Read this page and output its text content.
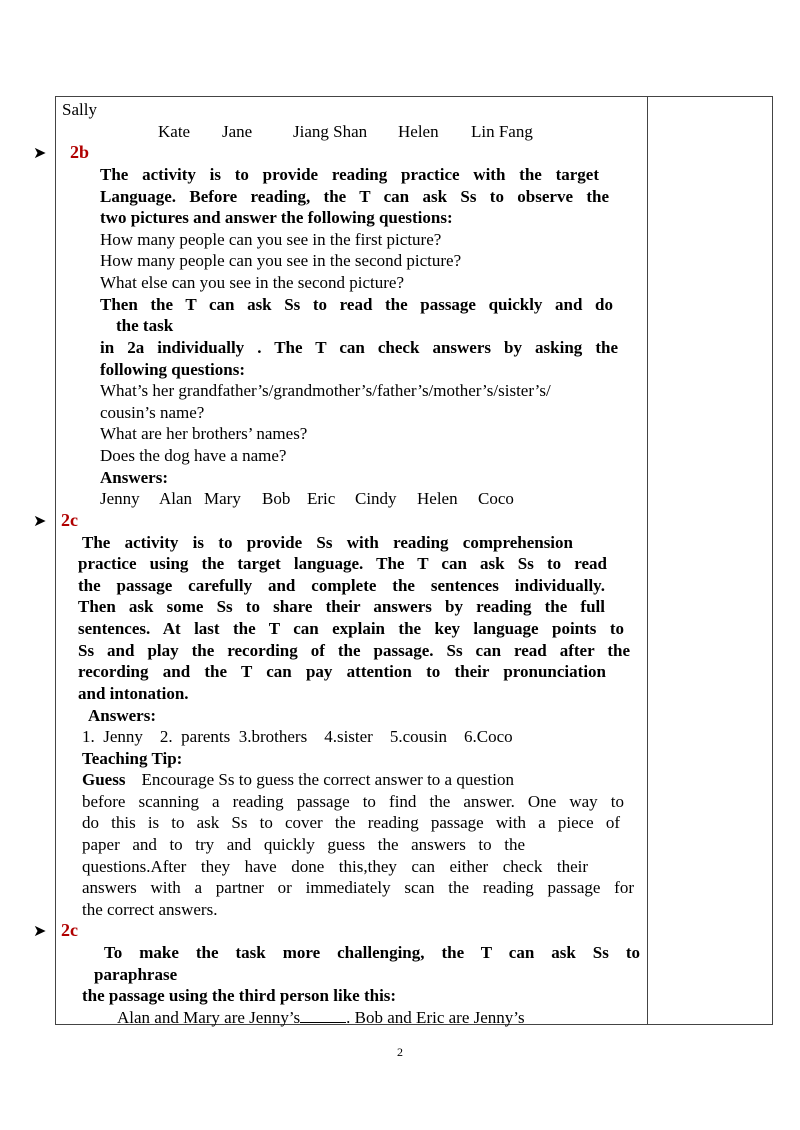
Sally
Kate Jane Jiang Shan Helen Lin Fang
➤ 2b
The activity is to provide reading practice with the target
Language. Before reading, the T can ask Ss to observe the
two pictures and answer the following questions:
How many people can you see in the first picture?
How many people can you see in the second picture?
What else can you see in the second picture?
Then the T can ask Ss to read the passage quickly and do
the task
in 2a individually . The T can check answers by asking the
following questions:
What’s her grandfather’s/grandmother’s/father’s/mother’s/sister’s/
cousin’s name?
What are her brothers’ names?
Does the dog have a name?
Answers:
Jenny Alan Mary Bob Eric Cindy Helen Coco
➤ 2c
The activity is to provide Ss with reading comprehension
practice using the target language. The T can ask Ss to read
the passage carefully and complete the sentences individually.
Then ask some Ss to share their answers by reading the full
sentences. At last the T can explain the key language points to
Ss and play the recording of the passage. Ss can read after the
recording and the T can pay attention to their pronunciation
and intonation.
Answers:
1.  Jenny    2.  parents  3.brothers    4.sister    5.cousin    6.Coco
Teaching Tip:
Guess Encourage Ss to guess the correct answer to a question
before scanning a reading passage to find the answer. One way to
do this is to ask Ss to cover the reading passage with a piece of
paper and to try and quickly guess the answers to the
questions.After they have done this,they can either check their
answers with a partner or immediately scan the reading passage for
the correct answers.
➤ 2c
To make the task more challenging, the T can ask Ss to
paraphrase
the passage using the third person like this:
Alan and Mary are Jenny’s	. Bob and Eric are Jenny’s
2
